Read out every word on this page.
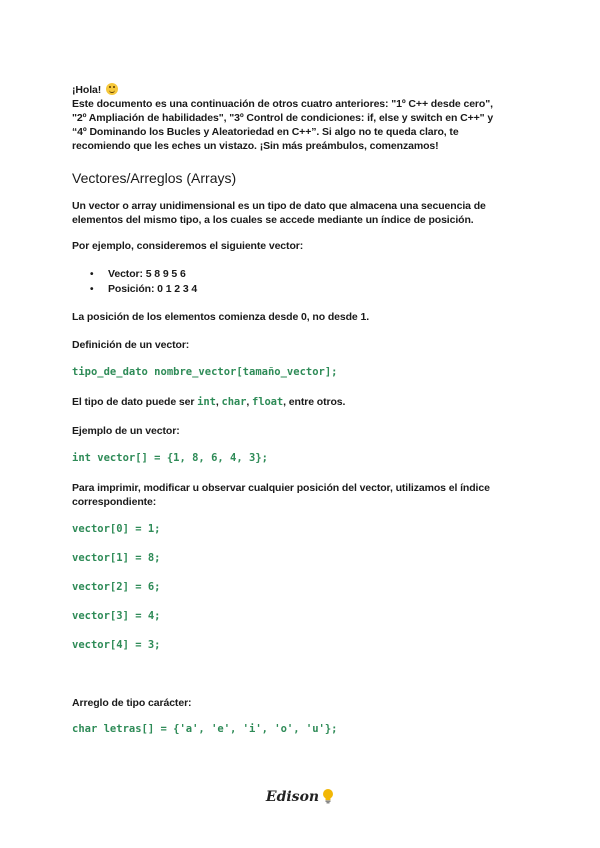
¡Hola!
Este documento es una continuación de otros cuatro anteriores: "1º C++ desde cero",
"2º Ampliación de habilidades", "3º Control de condiciones: if, else y switch en C++" y
“4º Dominando los Bucles y Aleatoriedad en C++”. Si algo no te queda claro, te
recomiendo que les eches un vistazo. ¡Sin más preámbulos, comenzamos!
Vectores/Arreglos (Arrays)
Un vector o array unidimensional es un tipo de dato que almacena una secuencia de
elementos del mismo tipo, a los cuales se accede mediante un índice de posición.
Por ejemplo, consideremos el siguiente vector:
• Vector: 5 8 9 5 6
• Posición: 0 1 2 3 4
La posición de los elementos comienza desde 0, no desde 1.
Definición de un vector:
tipo_de_dato nombre_vector[tamaño_vector];
El tipo de dato puede ser int, char, float, entre otros.
Ejemplo de un vector:
int vector[] = {1, 8, 6, 4, 3};
Para imprimir, modificar u observar cualquier posición del vector, utilizamos el índice
correspondiente:
vector[0] = 1;
vector[1] = 8;
vector[2] = 6;
vector[3] = 4;
vector[4] = 3;
Arreglo de tipo carácter:
char letras[] = {'a', 'e', 'i', 'o', 'u'};
Edison
